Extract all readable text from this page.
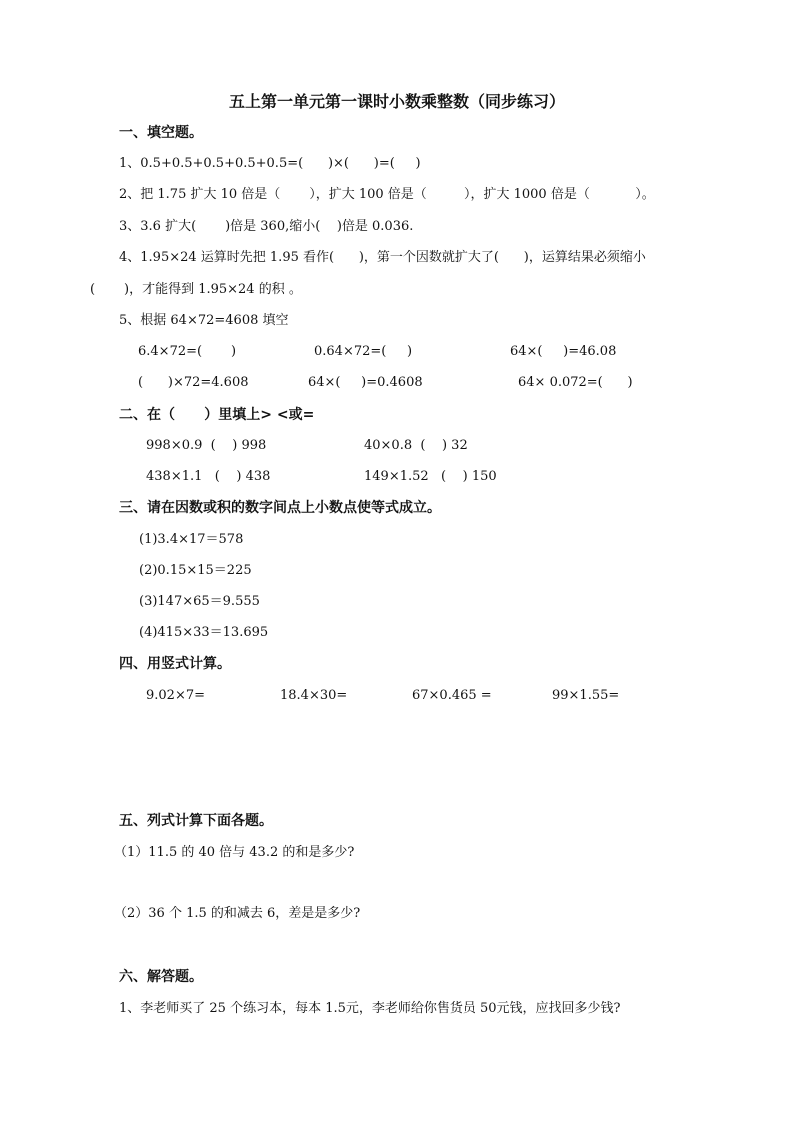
五上第一单元第一课时小数乘整数（同步练习）
一、填空题。
1、0.5+0.5+0.5+0.5+0.5=(      )×(      )=(     )
2、把 1.75 扩大 10 倍是（       ），扩大 100 倍是（         ），扩大 1000 倍是（           ）。
3、3.6 扩大(       )倍是 360,缩小(    )倍是 0.036.
4、1.95×24 运算时先把 1.95 看作(      )，第一个因数就扩大了(      )，运算结果必须缩小
(       )，才能得到 1.95×24 的积 。
5、根据 64×72=4608 填空
6.4×72=(       )	0.64×72=(     )	64×(     )=46.08
(      )×72=4.608	64×(     )=0.4608	64× 0.072=(      )
二、在（      ）里填上> <或=
998×0.9  (    ) 998	40×0.8  (    ) 32
438×1.1   (    ) 438	149×1.52   (    ) 150
三、请在因数或积的数字间点上小数点使等式成立。
(1)3.4×17＝578
(2)0.15×15＝225
(3)147×65＝9.555
(4)415×33＝13.695
四、用竖式计算。
9.02×7=	18.4×30=	67×0.465 =	99×1.55=
五、列式计算下面各题。
（1）11.5 的 40 倍与 43.2 的和是多少?
（2）36 个 1.5 的和减去 6，差是是多少?
六、解答题。
1、李老师买了 25 个练习本，每本 1.5元，李老师给你售货员 50元钱，应找回多少钱?
